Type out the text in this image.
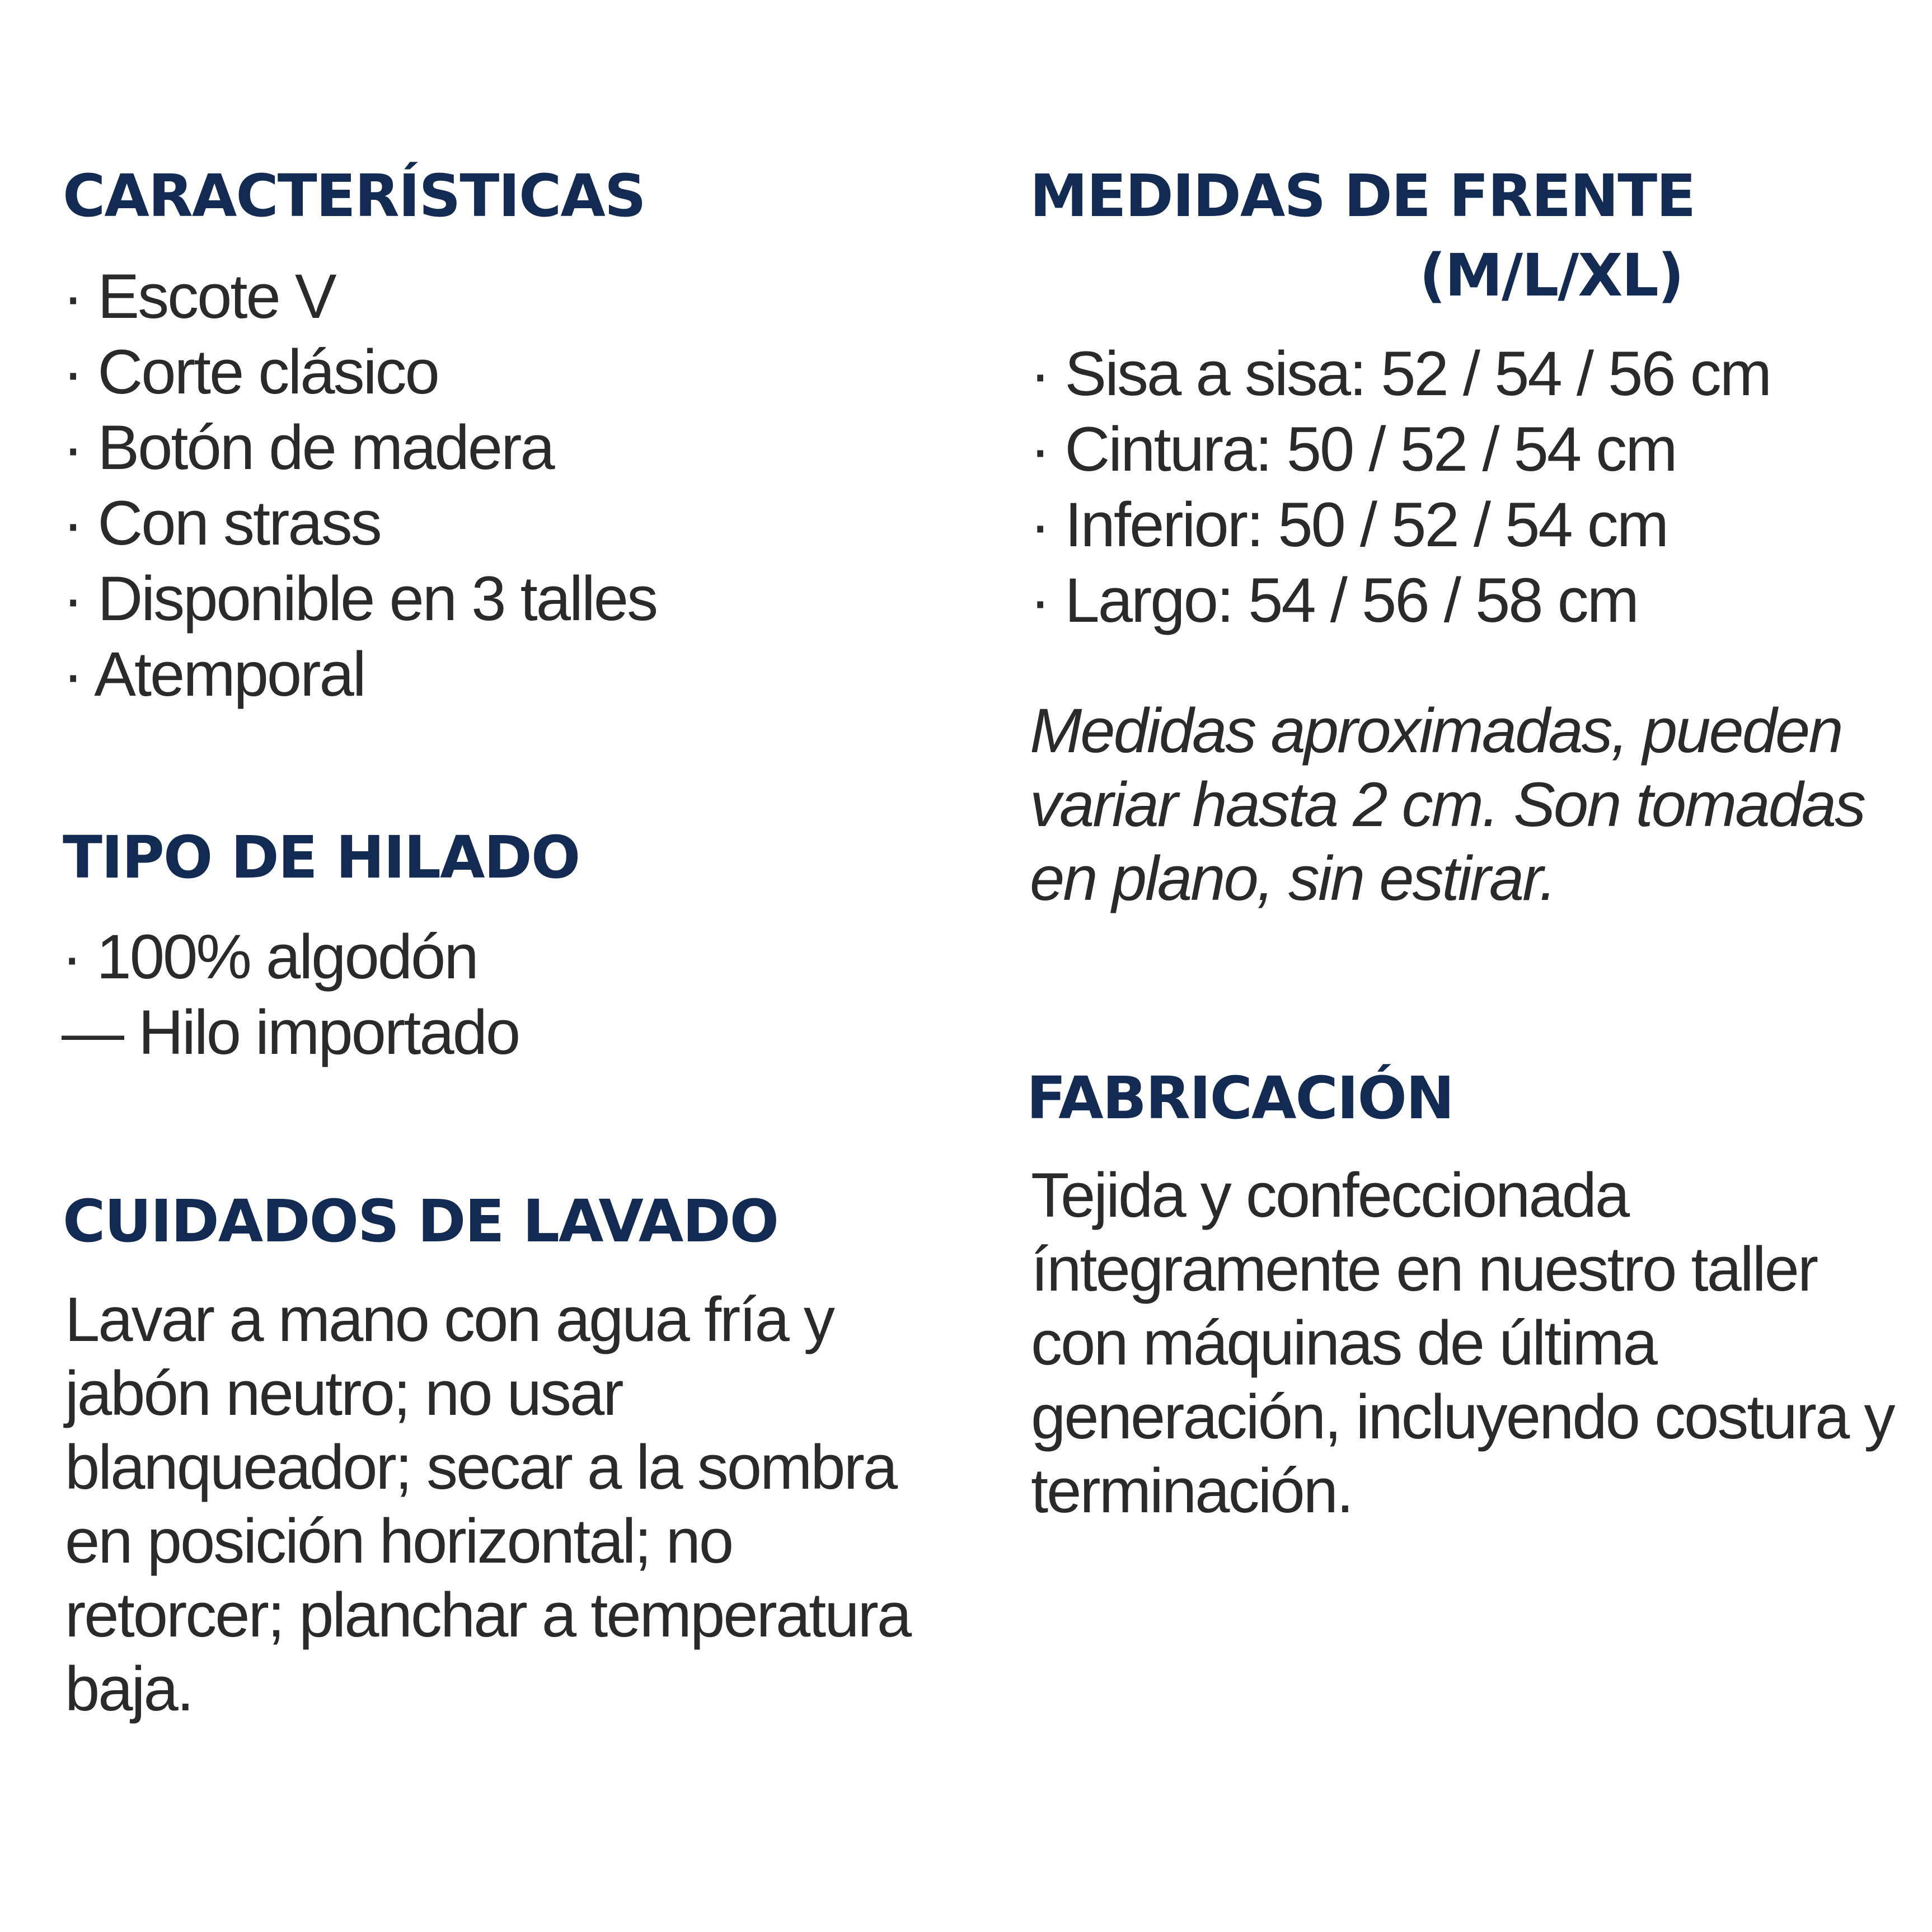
CARACTERÍSTICAS
· Escote V
· Corte clásico
· Botón de madera
· Con strass
· Disponible en 3 talles
· Atemporal
TIPO DE HILADO
· 100% algodón
— Hilo importado
CUIDADOS DE LAVADO

Lavar a mano con agua fría y jabón neutro; no usar blanqueador; secar a la sombra en posición horizontal; no retorcer; planchar a temperatura baja.

MEDIDAS DE FRENTE
(M/L/XL)
· Sisa a sisa: 52 / 54 / 56 cm
· Cintura: 50 / 52 / 54 cm
· Inferior: 50 / 52 / 54 cm
· Largo: 54 / 56 / 58 cm

Medidas aproximadas, pueden variar hasta 2 cm. Son tomadas en plano, sin estirar.

FABRICACIÓN

Tejida y confeccionada íntegramente en nuestro taller con máquinas de última generación, incluyendo costura y terminación.
